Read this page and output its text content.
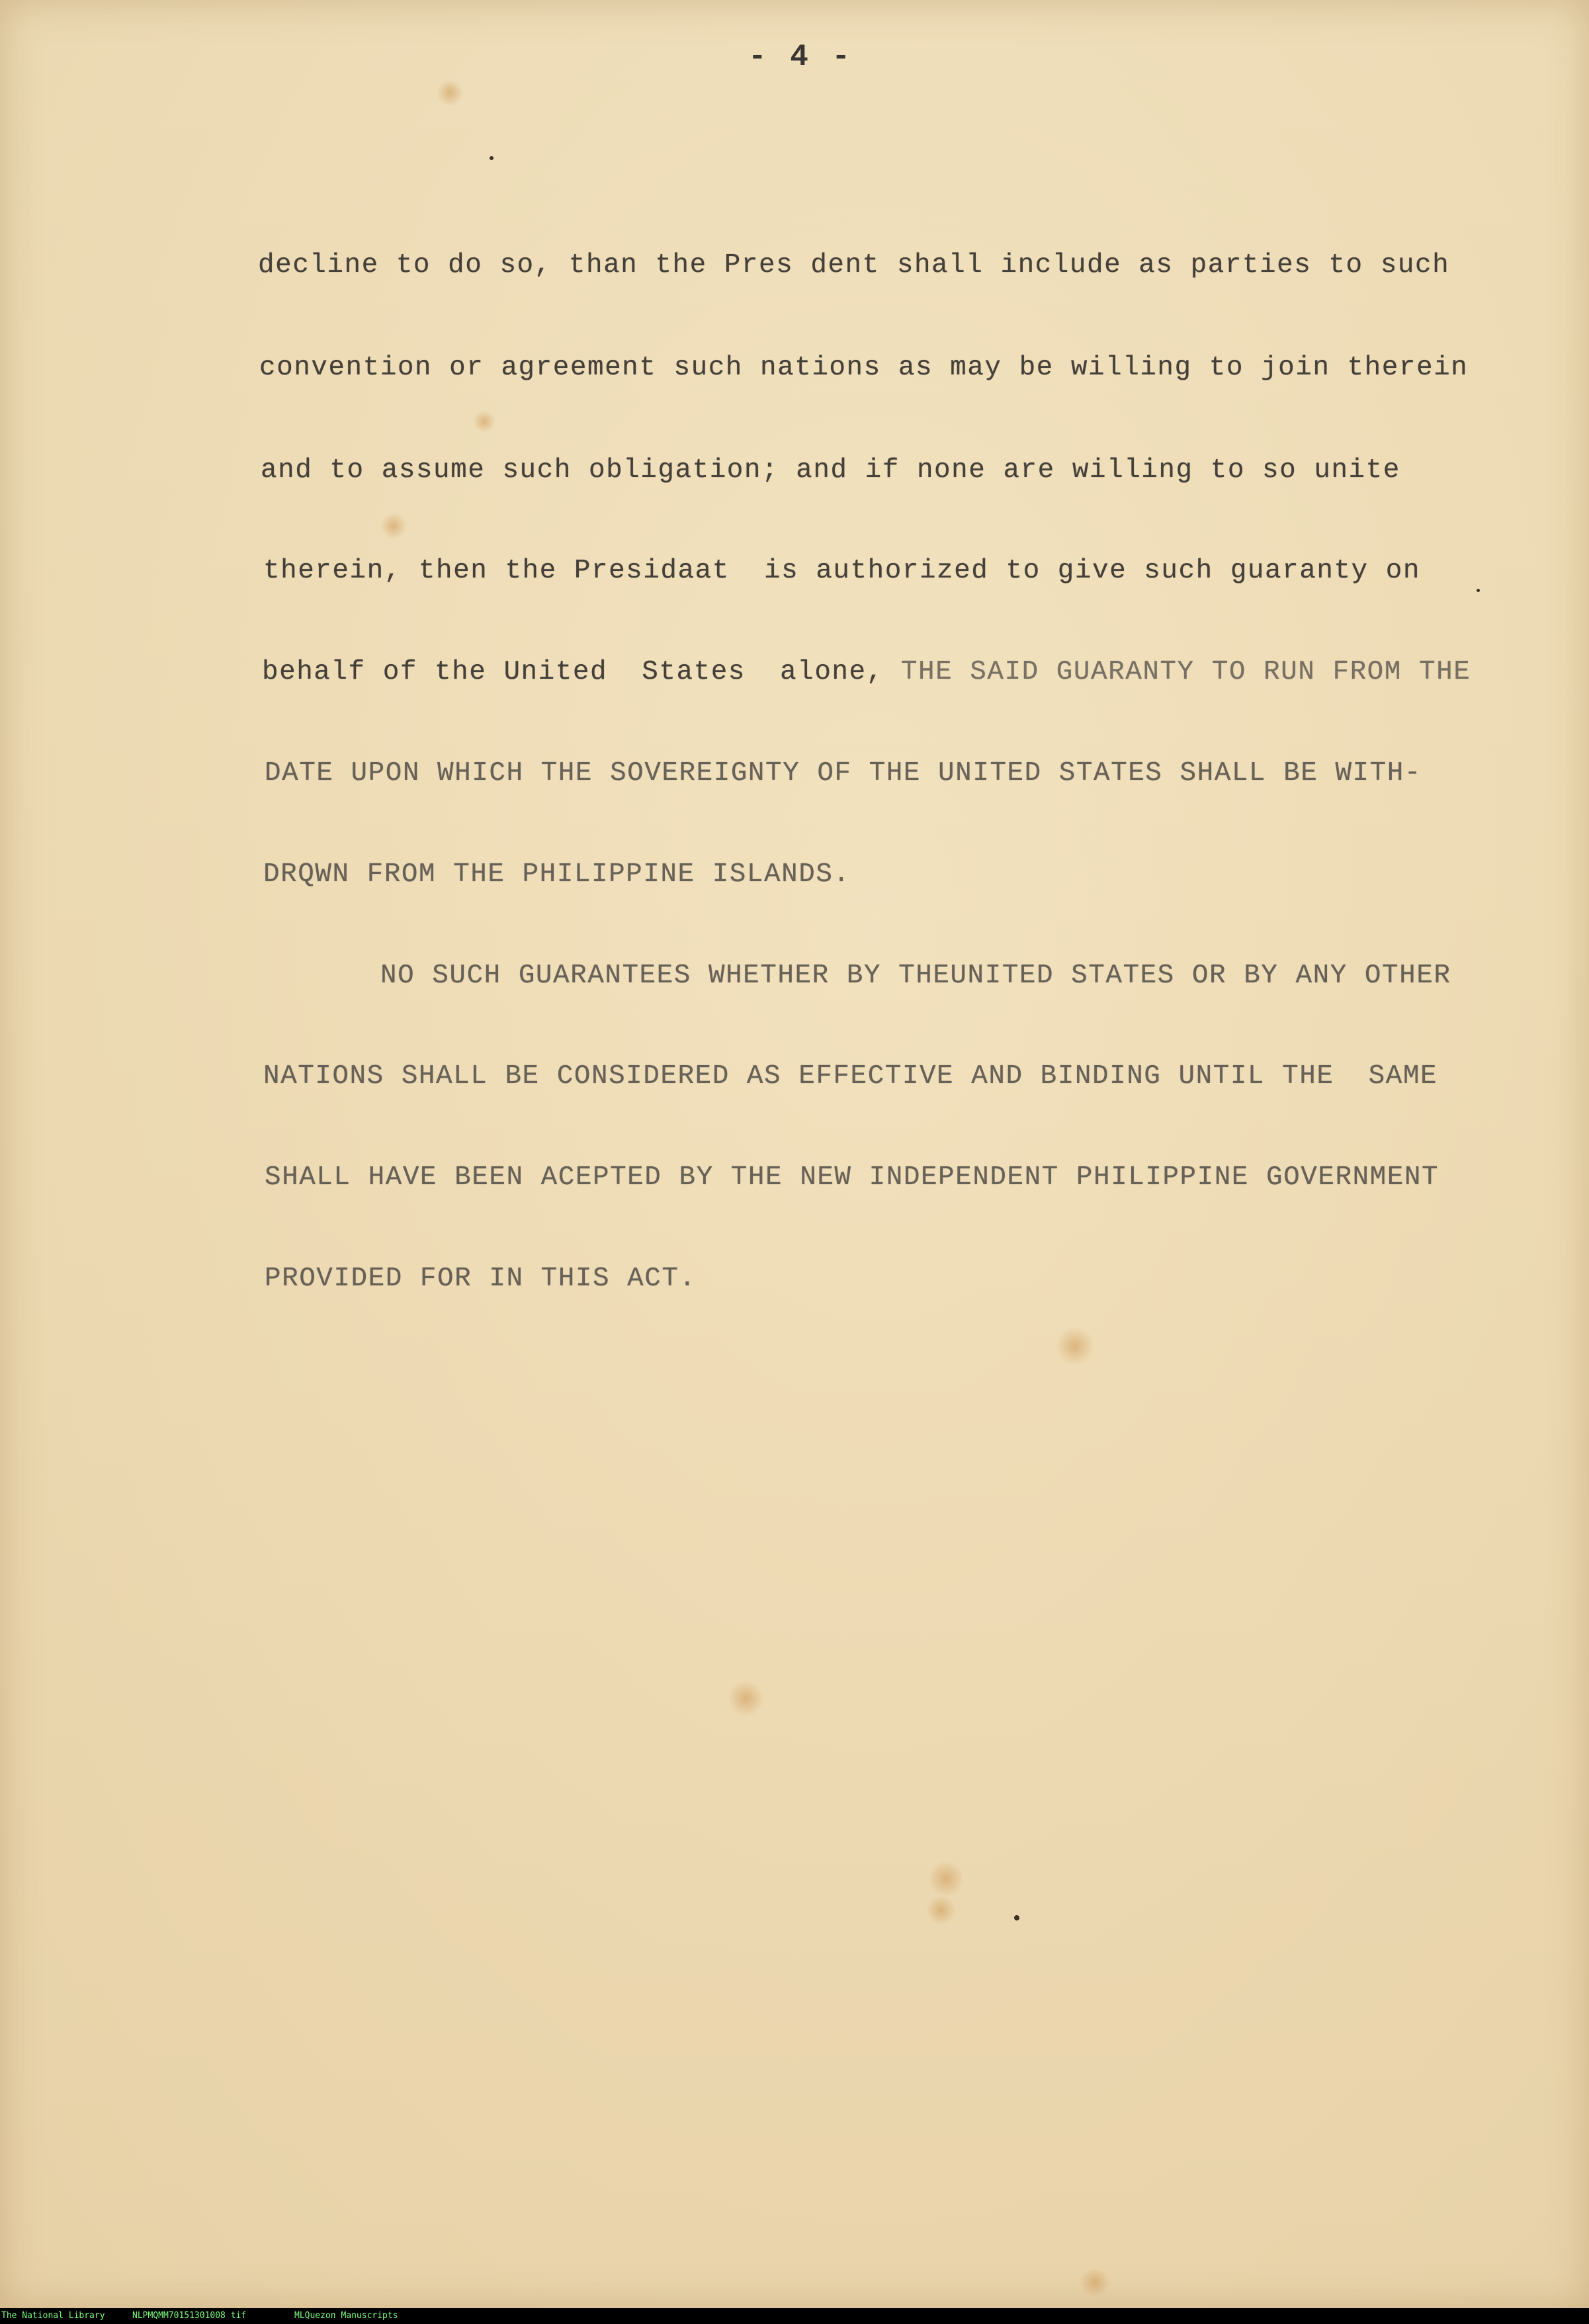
- 4 -
decline to do so, than the Pres dent shall include as parties to such
convention or agreement such nations as may be willing to join therein
and to assume such obligation; and if none are willing to so unite
therein, then the Presidaat  is authorized to give such guaranty on
behalf of the United  States  alone, THE SAID GUARANTY TO RUN FROM THE
DATE UPON WHICH THE SOVEREIGNTY OF THE UNITED STATES SHALL BE WITH-
DRQWN FROM THE PHILIPPINE ISLANDS.
NO SUCH GUARANTEES WHETHER BY THEUNITED STATES OR BY ANY OTHER
NATIONS SHALL BE CONSIDERED AS EFFECTIVE AND BINDING UNTIL THE  SAME
SHALL HAVE BEEN ACEPTED BY THE NEW INDEPENDENT PHILIPPINE GOVERNMENT
PROVIDED FOR IN THIS ACT.

The National Library

	NLPMQMM70151301008 tif

	MLQuezon Manuscripts
